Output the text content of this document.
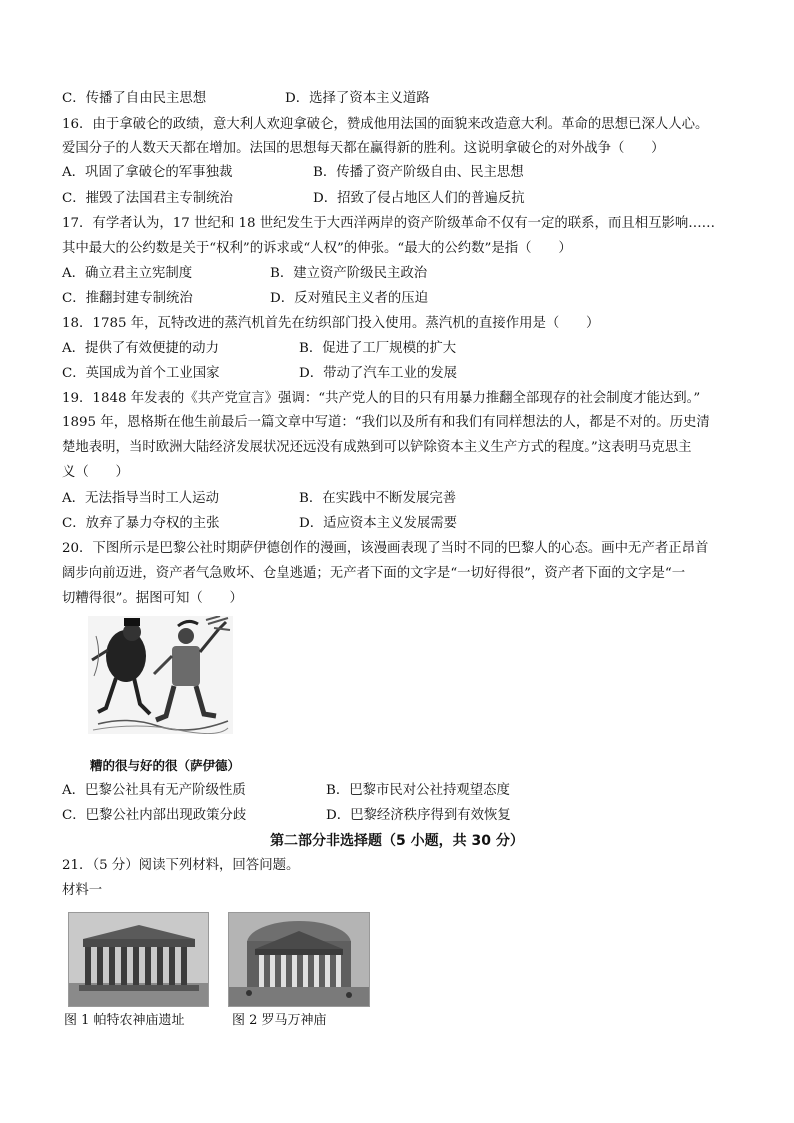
C．传播了自由民主思想	D．选择了资本主义道路
16．由于拿破仑的政绩，意大利人欢迎拿破仑，赞成他用法国的面貌来改造意大利。革命的思想已深人人心。
爱国分子的人数天天都在增加。法国的思想每天都在赢得新的胜利。这说明拿破仑的对外战争（　　）
A．巩固了拿破仑的军事独裁	B．传播了资产阶级自由、民主思想
C．摧毁了法国君主专制统治	D．招致了侵占地区人们的普遍反抗
17．有学者认为，17 世纪和 18 世纪发生于大西洋两岸的资产阶级革命不仅有一定的联系，而且相互影响……
其中最大的公约数是关于“权利”的诉求或“人权”的伸张。“最大的公约数”是指（　　）
A．确立君主立宪制度	B．建立资产阶级民主政治
C．推翻封建专制统治	D．反对殖民主义者的压迫
18．1785 年，瓦特改进的蒸汽机首先在纺织部门投入使用。蒸汽机的直接作用是（　　）
A．提供了有效便捷的动力	B．促进了工厂规模的扩大
C．英国成为首个工业国家	D．带动了汽车工业的发展
19．1848 年发表的《共产党宣言》强调：“共产党人的目的只有用暴力推翻全部现存的社会制度才能达到。”
1895 年，恩格斯在他生前最后一篇文章中写道：“我们以及所有和我们有同样想法的人，都是不对的。历史清
楚地表明，当时欧洲大陆经济发展状况还远没有成熟到可以铲除资本主义生产方式的程度。”这表明马克思主
义（　　）
A．无法指导当时工人运动	B．在实践中不断发展完善
C．放弃了暴力夺权的主张	D．适应资本主义发展需要
20．下图所示是巴黎公社时期萨伊德创作的漫画，该漫画表现了当时不同的巴黎人的心态。画中无产者正昂首
阔步向前迈进，资产者气急败坏、仓皇逃遁；无产者下面的文字是“一切好得很”，资产者下面的文字是“一
切糟得很”。据图可知（　　）
糟的很与好的很（萨伊德）
A．巴黎公社具有无产阶级性质	B．巴黎市民对公社持观望态度
C．巴黎公社内部出现政策分歧	D．巴黎经济秩序得到有效恢复
第二部分非选择题（5 小题，共 30 分）
21．（5 分）阅读下列材料，回答问题。
材料一
图 1 帕特农神庙遗址	图 2 罗马万神庙
